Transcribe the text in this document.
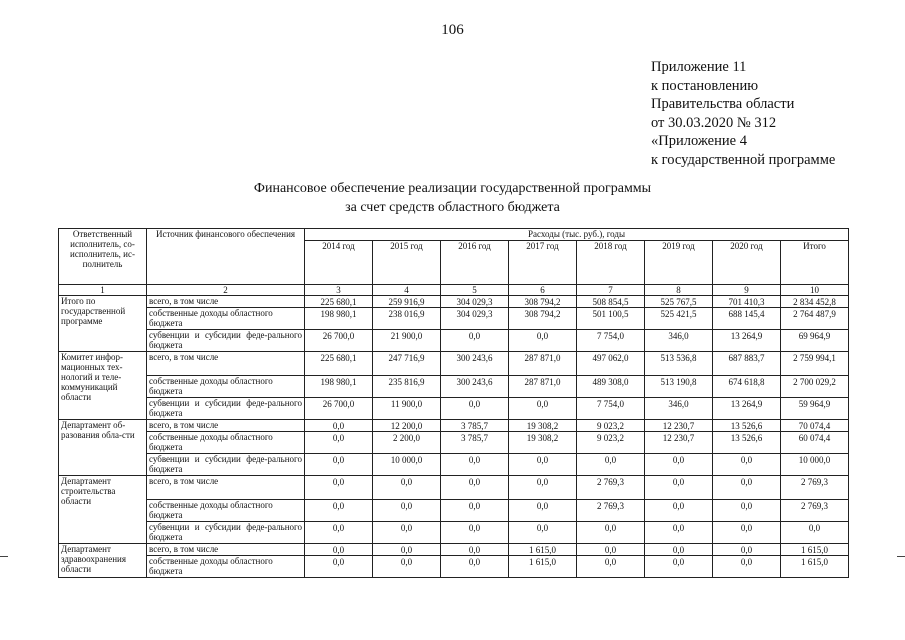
106
Приложение 11
к постановлению
Правительства области
от 30.03.2020 № 312
«Приложение 4
к государственной программе
Финансовое обеспечение реализации государственной программы
за счет средств областного бюджета
Ответственный исполнитель, со-исполнитель, ис-полнитель	Источник финансового обеспечения	Расходы (тыс. руб.), годы							
		2014 год	2015 год	2016 год	2017 год	2018 год	2019 год	2020 год	Итого
1	2	3	4	5	6	7	8	9	10
Итого по государственной программе	всего, в том числе	225 680,1	259 916,9	304 029,3	308 794,2	508 854,5	525 767,5	701 410,3	2 834 452,8
	собственные доходы областного бюджета	198 980,1	238 016,9	304 029,3	308 794,2	501 100,5	525 421,5	688 145,4	2 764 487,9
	субвенции и субсидии феде-рального бюджета	26 700,0	21 900,0	0,0	0,0	7 754,0	346,0	13 264,9	69 964,9
Комитет инфор-мационных тех-нологий и теле-коммуникаций области	всего, в том числе	225 680,1	247 716,9	300 243,6	287 871,0	497 062,0	513 536,8	687 883,7	2 759 994,1
	собственные доходы областного бюджета	198 980,1	235 816,9	300 243,6	287 871,0	489 308,0	513 190,8	674 618,8	2 700 029,2
	субвенции и субсидии феде-рального бюджета	26 700,0	11 900,0	0,0	0,0	7 754,0	346,0	13 264,9	59 964,9
Департамент об-разования обла-сти	всего, в том числе	0,0	12 200,0	3 785,7	19 308,2	9 023,2	12 230,7	13 526,6	70 074,4
	собственные доходы областного бюджета	0,0	2 200,0	3 785,7	19 308,2	9 023,2	12 230,7	13 526,6	60 074,4
	субвенции и субсидии феде-рального бюджета	0,0	10 000,0	0,0	0,0	0,0	0,0	0,0	10 000,0
Департамент строительства области	всего, в том числе	0,0	0,0	0,0	0,0	2 769,3	0,0	0,0	2 769,3
	собственные доходы областного бюджета	0,0	0,0	0,0	0,0	2 769,3	0,0	0,0	2 769,3
	субвенции и субсидии феде-рального бюджета	0,0	0,0	0,0	0,0	0,0	0,0	0,0	0,0
Департамент здравоохранения области	всего, в том числе	0,0	0,0	0,0	1 615,0	0,0	0,0	0,0	1 615,0
	собственные доходы областного бюджета	0,0	0,0	0,0	1 615,0	0,0	0,0	0,0	1 615,0
